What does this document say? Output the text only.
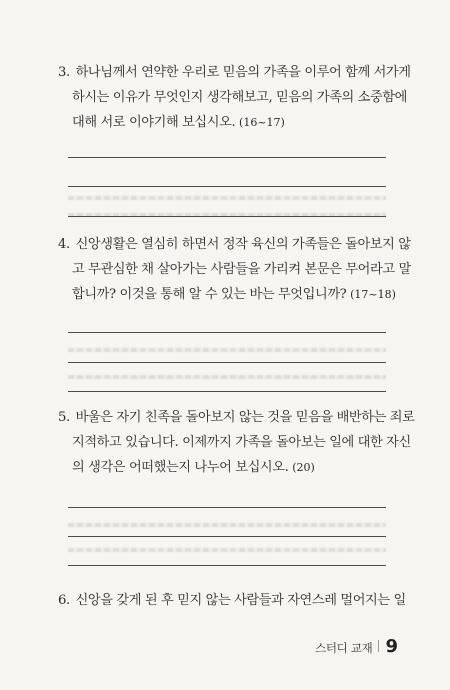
3. 하나님께서 연약한 우리로 믿음의 가족을 이루어 함께 서가게
하시는 이유가 무엇인지 생각해보고, 믿음의 가족의 소중함에
대해 서로 이야기해 보십시오. (16~17)
4. 신앙생활은 열심히 하면서 정작 육신의 가족들은 돌아보지 않
고 무관심한 채 살아가는 사람들을 가리켜 본문은 무어라고 말
합니까? 이것을 통해 알 수 있는 바는 무엇입니까? (17~18)
5. 바울은 자기 친족을 돌아보지 않는 것을 믿음을 배반하는 죄로
지적하고 있습니다. 이제까지 가족을 돌아보는 일에 대한 자신
의 생각은 어떠했는지 나누어 보십시오. (20)
6. 신앙을 갖게 된 후 믿지 않는 사람들과 자연스레 멀어지는 일
스터디 교재 9
